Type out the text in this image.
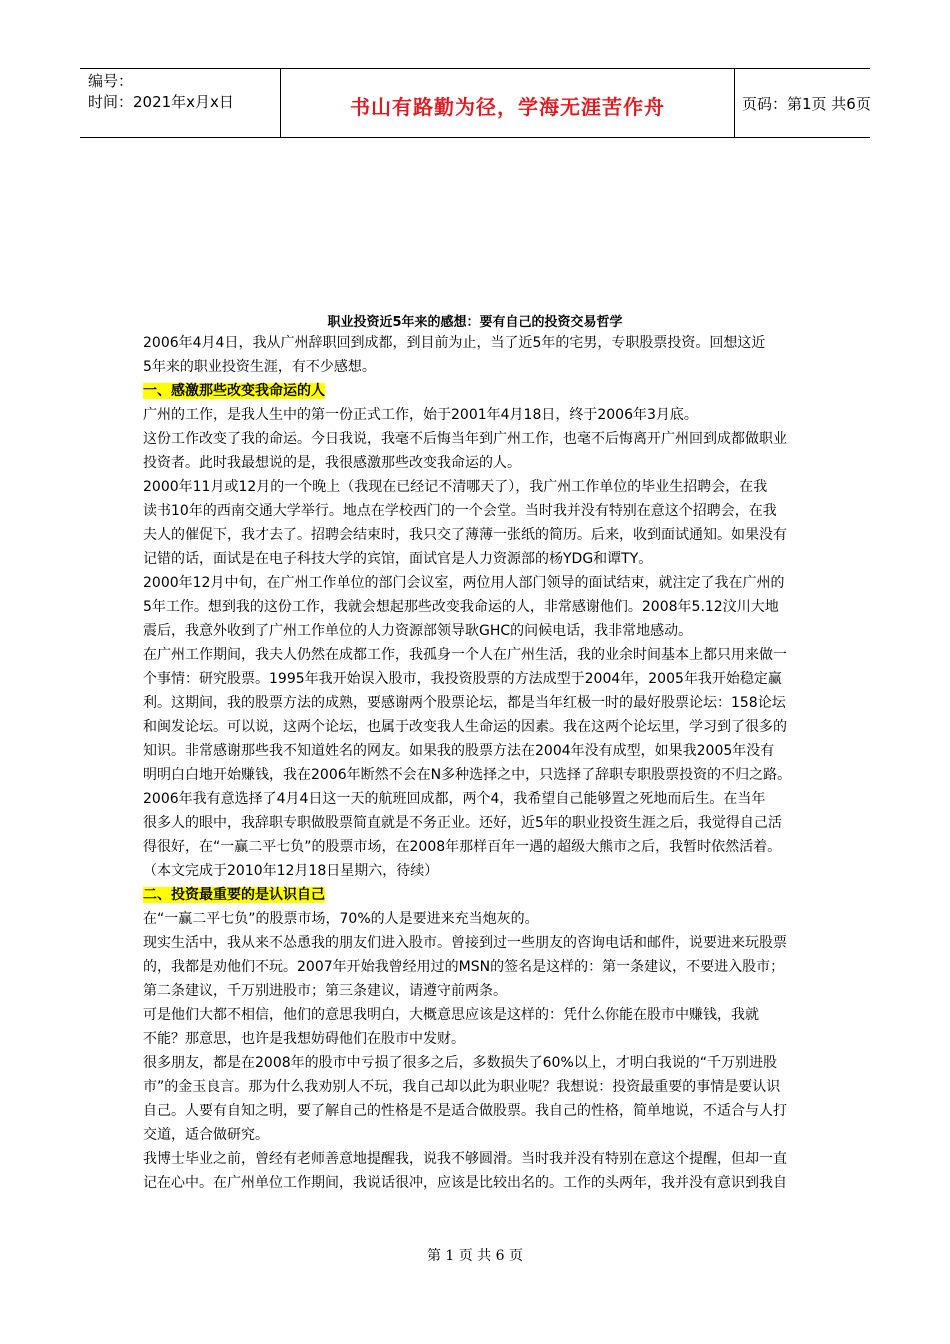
编号：
时间：2021年x月x日	书山有路勤为径，学海无涯苦作舟	页码：第1页 共6页
职业投资近5年来的感想：要有自己的投资交易哲学
2006年4月4日，我从广州辞职回到成都，到目前为止，当了近5年的宅男，专职股票投资。回想这近
5年来的职业投资生涯，有不少感想。
一、感激那些改变我命运的人
广州的工作，是我人生中的第一份正式工作，始于2001年4月18日，终于2006年3月底。
这份工作改变了我的命运。今日我说，我毫不后悔当年到广州工作，也毫不后悔离开广州回到成都做职业
投资者。此时我最想说的是，我很感激那些改变我命运的人。
2000年11月或12月的一个晚上（我现在已经记不清哪天了），我广州工作单位的毕业生招聘会，在我
读书10年的西南交通大学举行。地点在学校西门的一个会堂。当时我并没有特别在意这个招聘会，在我
夫人的催促下，我才去了。招聘会结束时，我只交了薄薄一张纸的简历。后来，收到面试通知。如果没有
记错的话，面试是在电子科技大学的宾馆，面试官是人力资源部的杨YDG和谭TY。
2000年12月中旬，在广州工作单位的部门会议室，两位用人部门领导的面试结束，就注定了我在广州的
5年工作。想到我的这份工作，我就会想起那些改变我命运的人，非常感谢他们。2008年5.12汶川大地
震后，我意外收到了广州工作单位的人力资源部领导耿GHC的问候电话，我非常地感动。
在广州工作期间，我夫人仍然在成都工作，我孤身一个人在广州生活，我的业余时间基本上都只用来做一
个事情：研究股票。1995年我开始误入股市，我投资股票的方法成型于2004年，2005年我开始稳定赢
利。这期间，我的股票方法的成熟，要感谢两个股票论坛，都是当年红极一时的最好股票论坛：158论坛
和闽发论坛。可以说，这两个论坛，也属于改变我人生命运的因素。我在这两个论坛里，学习到了很多的
知识。非常感谢那些我不知道姓名的网友。如果我的股票方法在2004年没有成型，如果我2005年没有
明明白白地开始赚钱，我在2006年断然不会在N多种选择之中，只选择了辞职专职股票投资的不归之路。
2006年我有意选择了4月4日这一天的航班回成都，两个4，我希望自己能够置之死地而后生。在当年
很多人的眼中，我辞职专职做股票简直就是不务正业。还好，近5年的职业投资生涯之后，我觉得自己活
得很好，在“一赢二平七负”的股票市场，在2008年那样百年一遇的超级大熊市之后，我暂时依然活着。
（本文完成于2010年12月18日星期六，待续）
二、投资最重要的是认识自己
在“一赢二平七负”的股票市场，70%的人是要进来充当炮灰的。
现实生活中，我从来不怂恿我的朋友们进入股市。曾接到过一些朋友的咨询电话和邮件，说要进来玩股票
的，我都是劝他们不玩。2007年开始我曾经用过的MSN的签名是这样的：第一条建议，不要进入股市；
第二条建议，千万别进股市；第三条建议，请遵守前两条。
可是他们大都不相信，他们的意思我明白，大概意思应该是这样的：凭什么你能在股市中赚钱，我就
不能？那意思，也许是我想妨碍他们在股市中发财。
很多朋友，都是在2008年的股市中亏损了很多之后，多数损失了60%以上，才明白我说的“千万别进股
市”的金玉良言。那为什么我劝别人不玩，我自己却以此为职业呢？我想说：投资最重要的事情是要认识
自己。人要有自知之明，要了解自己的性格是不是适合做股票。我自己的性格，简单地说，不适合与人打
交道，适合做研究。
我博士毕业之前，曾经有老师善意地提醒我，说我不够圆滑。当时我并没有特别在意这个提醒，但却一直
记在心中。在广州单位工作期间，我说话很冲，应该是比较出名的。工作的头两年，我并没有意识到我自
第 1 页 共 6 页
